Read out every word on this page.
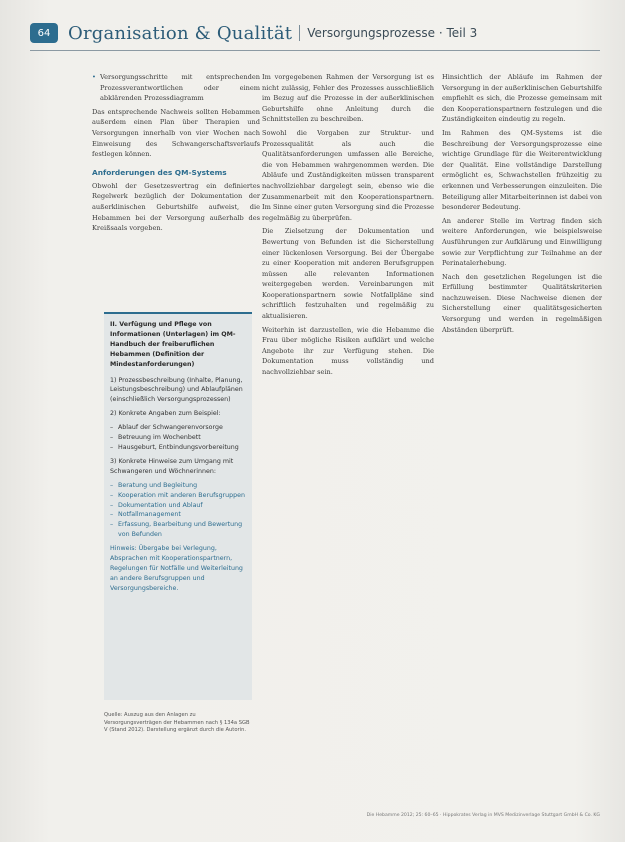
64 Organisation & Qualität Versorgungsprozesse · Teil 3

• Versorgungsschritte mit entsprechenden Prozessverantwortlichen oder einem abklärenden Prozessdiagramm

Das entsprechende Nachweis sollten Hebammen außerdem einen Plan über Therapien und Versorgungen innerhalb von vier Wochen nach Einweisung des Schwangerschaftsverlaufs festlegen können.

Anforderungen des QM-Systems

Obwohl der Gesetzesvertrag ein definiertes Regelwerk bezüglich der Dokumentation der außerklinischen Geburtshilfe aufweist, die Hebammen bei der Versorgung außerhalb des Kreißsaals vorgeben.

II. Verfügung und Pflege von Informationen (Unterlagen) im QM-Handbuch der freiberuflichen Hebammen (Definition der Mindestanforderungen)

1) Prozessbeschreibung (Inhalte, Planung, Leistungsbeschreibung) und Ablaufplänen (einschließlich Versorgungsprozessen)

2) Konkrete Angaben zum Beispiel:

– Ablauf der Schwangerenvorsorge
– Betreuung im Wochenbett
– Hausgeburt, Entbindungsvorbereitung

3) Konkrete Hinweise zum Umgang mit Schwangeren und Wöchnerinnen:

– Beratung und Begleitung
– Kooperation mit anderen Berufsgruppen
– Dokumentation und Ablauf
– Notfallmanagement
– Erfassung, Bearbeitung und Bewertung von Befunden

Hinweis: Übergabe bei Verlegung, Absprachen mit Kooperationspartnern, Regelungen für Notfälle und Weiterleitung an andere Berufsgruppen und Versorgungsbereiche.

Quelle: Auszug aus den Anlagen zu Versorgungsverträgen der Hebammen nach § 134a SGB V (Stand 2012). Darstellung ergänzt durch die Autorin.

Im vorgegebenen Rahmen der Versorgung ist es nicht zulässig, Fehler des Prozesses ausschließlich im Bezug auf die Prozesse in der außerklinischen Geburtshilfe ohne Anleitung durch die Schnittstellen zu beschreiben.

Sowohl die Vorgaben zur Struktur- und Prozessqualität als auch die Qualitätsanforderungen umfassen alle Bereiche, die von Hebammen wahrgenommen werden. Die Abläufe und Zuständigkeiten müssen transparent nachvollziehbar dargelegt sein, ebenso wie die Zusammenarbeit mit den Kooperationspartnern. Im Sinne einer guten Versorgung sind die Prozesse regelmäßig zu überprüfen.

Die Zielsetzung der Dokumentation und Bewertung von Befunden ist die Sicherstellung einer lückenlosen Versorgung. Bei der Übergabe zu einer Kooperation mit anderen Berufsgruppen müssen alle relevanten Informationen weitergegeben werden. Vereinbarungen mit Kooperationspartnern sowie Notfallpläne sind schriftlich festzuhalten und regelmäßig zu aktualisieren.

Weiterhin ist darzustellen, wie die Hebamme die Frau über mögliche Risiken aufklärt und welche Angebote ihr zur Verfügung stehen. Die Dokumentation muss vollständig und nachvollziehbar sein.

Hinsichtlich der Abläufe im Rahmen der Versorgung in der außerklinischen Geburtshilfe empfiehlt es sich, die Prozesse gemeinsam mit den Kooperationspartnern festzulegen und die Zuständigkeiten eindeutig zu regeln.

Im Rahmen des QM-Systems ist die Beschreibung der Versorgungsprozesse eine wichtige Grundlage für die Weiterentwicklung der Qualität. Eine vollständige Darstellung ermöglicht es, Schwachstellen frühzeitig zu erkennen und Verbesserungen einzuleiten. Die Beteiligung aller Mitarbeiterinnen ist dabei von besonderer Bedeutung.

An anderer Stelle im Vertrag finden sich weitere Anforderungen, wie beispielsweise Ausführungen zur Aufklärung und Einwilligung sowie zur Verpflichtung zur Teilnahme an der Perinatalerhebung.

Nach den gesetzlichen Regelungen ist die Erfüllung bestimmter Qualitätskriterien nachzuweisen. Diese Nachweise dienen der Sicherstellung einer qualitätsgesicherten Versorgung und werden in regelmäßigen Abständen überprüft.

Die Hebamme 2012; 25: 60–65 · Hippokrates Verlag in MVS Medizinverlage Stuttgart GmbH & Co. KG
